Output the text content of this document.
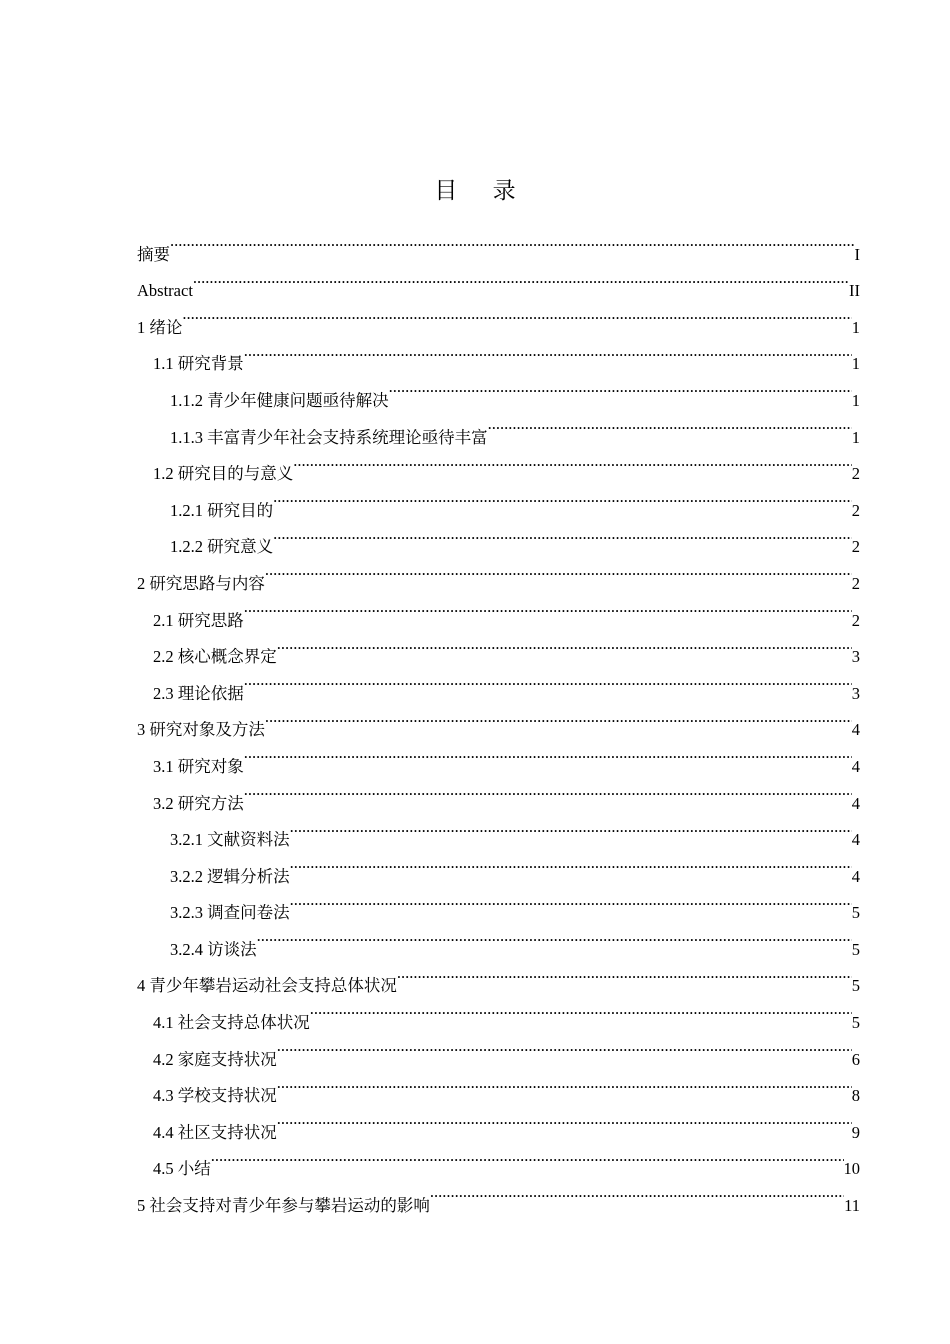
目 录
摘要 .....	I
Abstract .....	II
1 绪论 .....	1
1.1 研究背景 .....	1
1.1.2 青少年健康问题亟待解决 .....	1
1.1.3 丰富青少年社会支持系统理论亟待丰富 .....	1
1.2 研究目的与意义 .....	2
1.2.1 研究目的 .....	2
1.2.2 研究意义 .....	2
2 研究思路与内容 .....	2
2.1 研究思路 .....	2
2.2 核心概念界定 .....	3
2.3 理论依据 .....	3
3 研究对象及方法 .....	4
3.1 研究对象 .....	4
3.2 研究方法 .....	4
3.2.1 文献资料法 .....	4
3.2.2 逻辑分析法 .....	4
3.2.3 调查问卷法 .....	5
3.2.4 访谈法 .....	5
4 青少年攀岩运动社会支持总体状况 .....	5
4.1 社会支持总体状况 .....	5
4.2 家庭支持状况 .....	6
4.3 学校支持状况 .....	8
4.4 社区支持状况 .....	9
4.5 小结 .....	10
5 社会支持对青少年参与攀岩运动的影响 .....	11
